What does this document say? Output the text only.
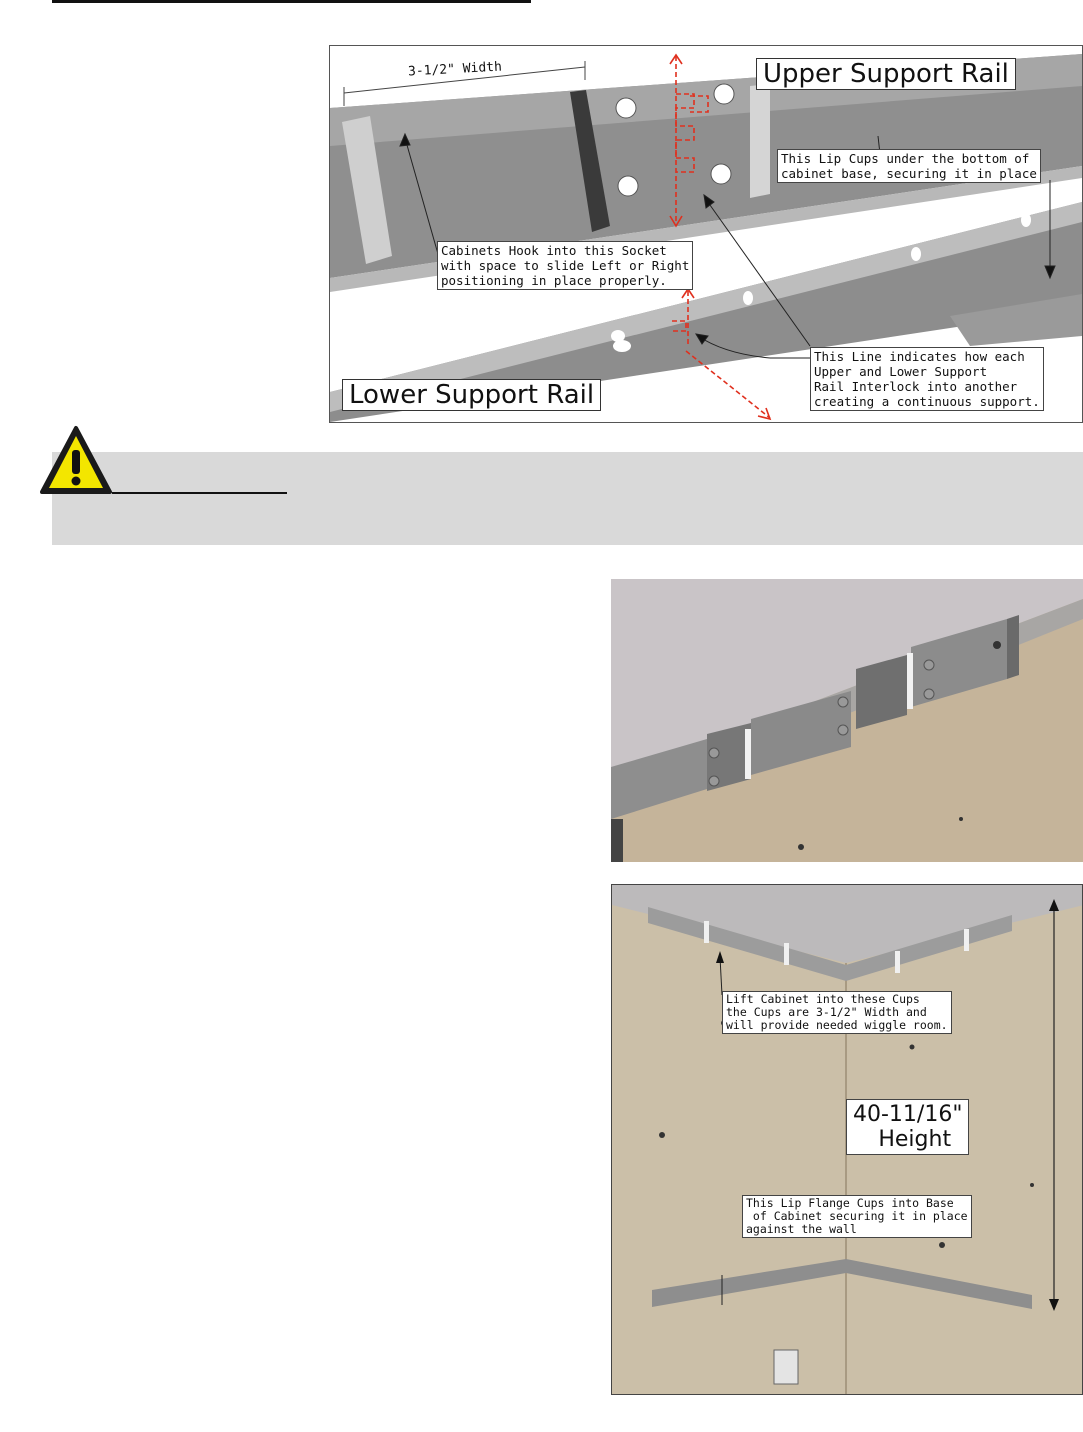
3-1/2" Width	Upper Support Rail
Lower Support Rail
This Lip Cups under the bottom of
cabinet base, securing it in place
Cabinets Hook into this Socket
with space to slide Left or Right
positioning in place properly.
This Line indicates how each
Upper and Lower Support
Rail Interlock into another
creating a continuous support.
Lift Cabinet into these Cups
the Cups are 3-1/2" Width and
will provide needed wiggle room.
40-11/16"
Height
This Lip Flange Cups into Base
of Cabinet securing it in place
against the wall
